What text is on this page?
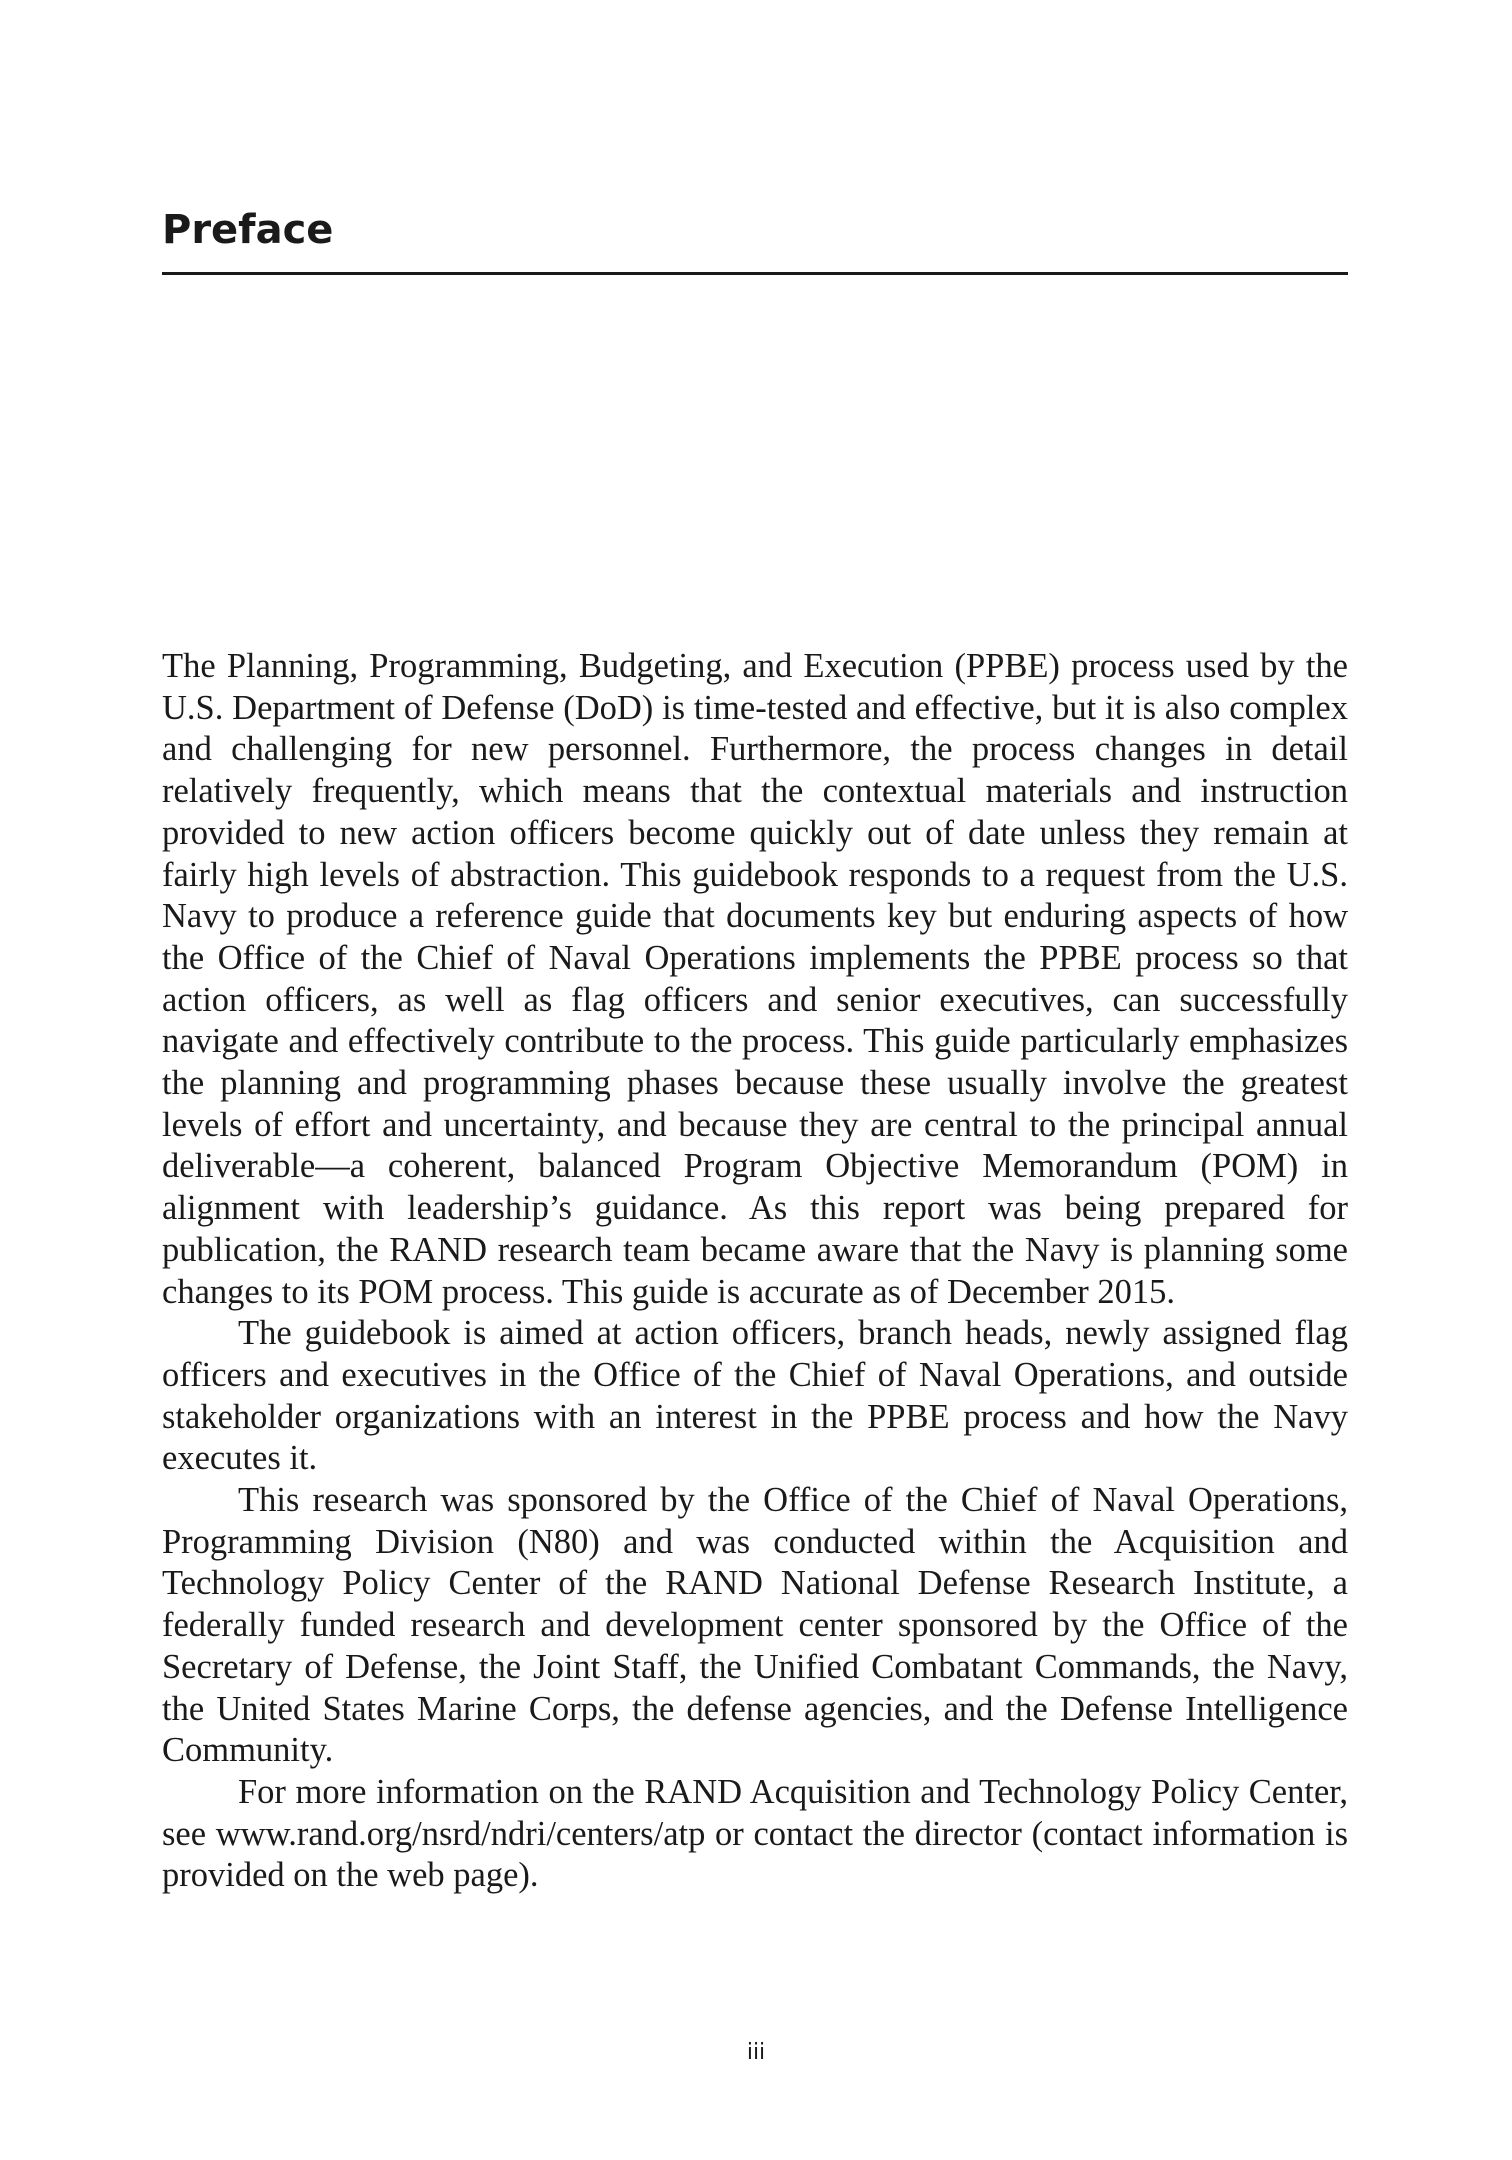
Preface

The Planning, Programming, Budgeting, and Execution (PPBE) process used by the U.S. Department of Defense (DoD) is time-tested and effective, but it is also complex and challenging for new personnel. Furthermore, the process changes in detail relatively frequently, which means that the contextual materials and instruction provided to new action officers become quickly out of date unless they remain at fairly high levels of abstraction. This guidebook responds to a request from the U.S. Navy to produce a reference guide that documents key but enduring aspects of how the Office of the Chief of Naval Operations implements the PPBE process so that action officers, as well as flag officers and senior executives, can successfully navigate and effectively contribute to the process. This guide particularly emphasizes the planning and programming phases because these usually involve the greatest levels of effort and uncertainty, and because they are central to the principal annual deliverable—a coherent, balanced Program Objective Memorandum (POM) in alignment with leadership’s guidance. As this report was being prepared for publication, the RAND research team became aware that the Navy is planning some changes to its POM process. This guide is accurate as of December 2015.

The guidebook is aimed at action officers, branch heads, newly assigned flag officers and executives in the Office of the Chief of Naval Operations, and outside stakeholder organizations with an interest in the PPBE process and how the Navy executes it.

This research was sponsored by the Office of the Chief of Naval Operations, Programming Division (N80) and was conducted within the Acquisition and Technology Policy Center of the RAND National Defense Research Institute, a federally funded research and development center sponsored by the Office of the Secretary of Defense, the Joint Staff, the Unified Combatant Commands, the Navy, the United States Marine Corps, the defense agencies, and the Defense Intelligence Community.

For more information on the RAND Acquisition and Technology Policy Center, see www.rand.org/nsrd/ndri/centers/atp or contact the director (contact information is provided on the web page).

iii
